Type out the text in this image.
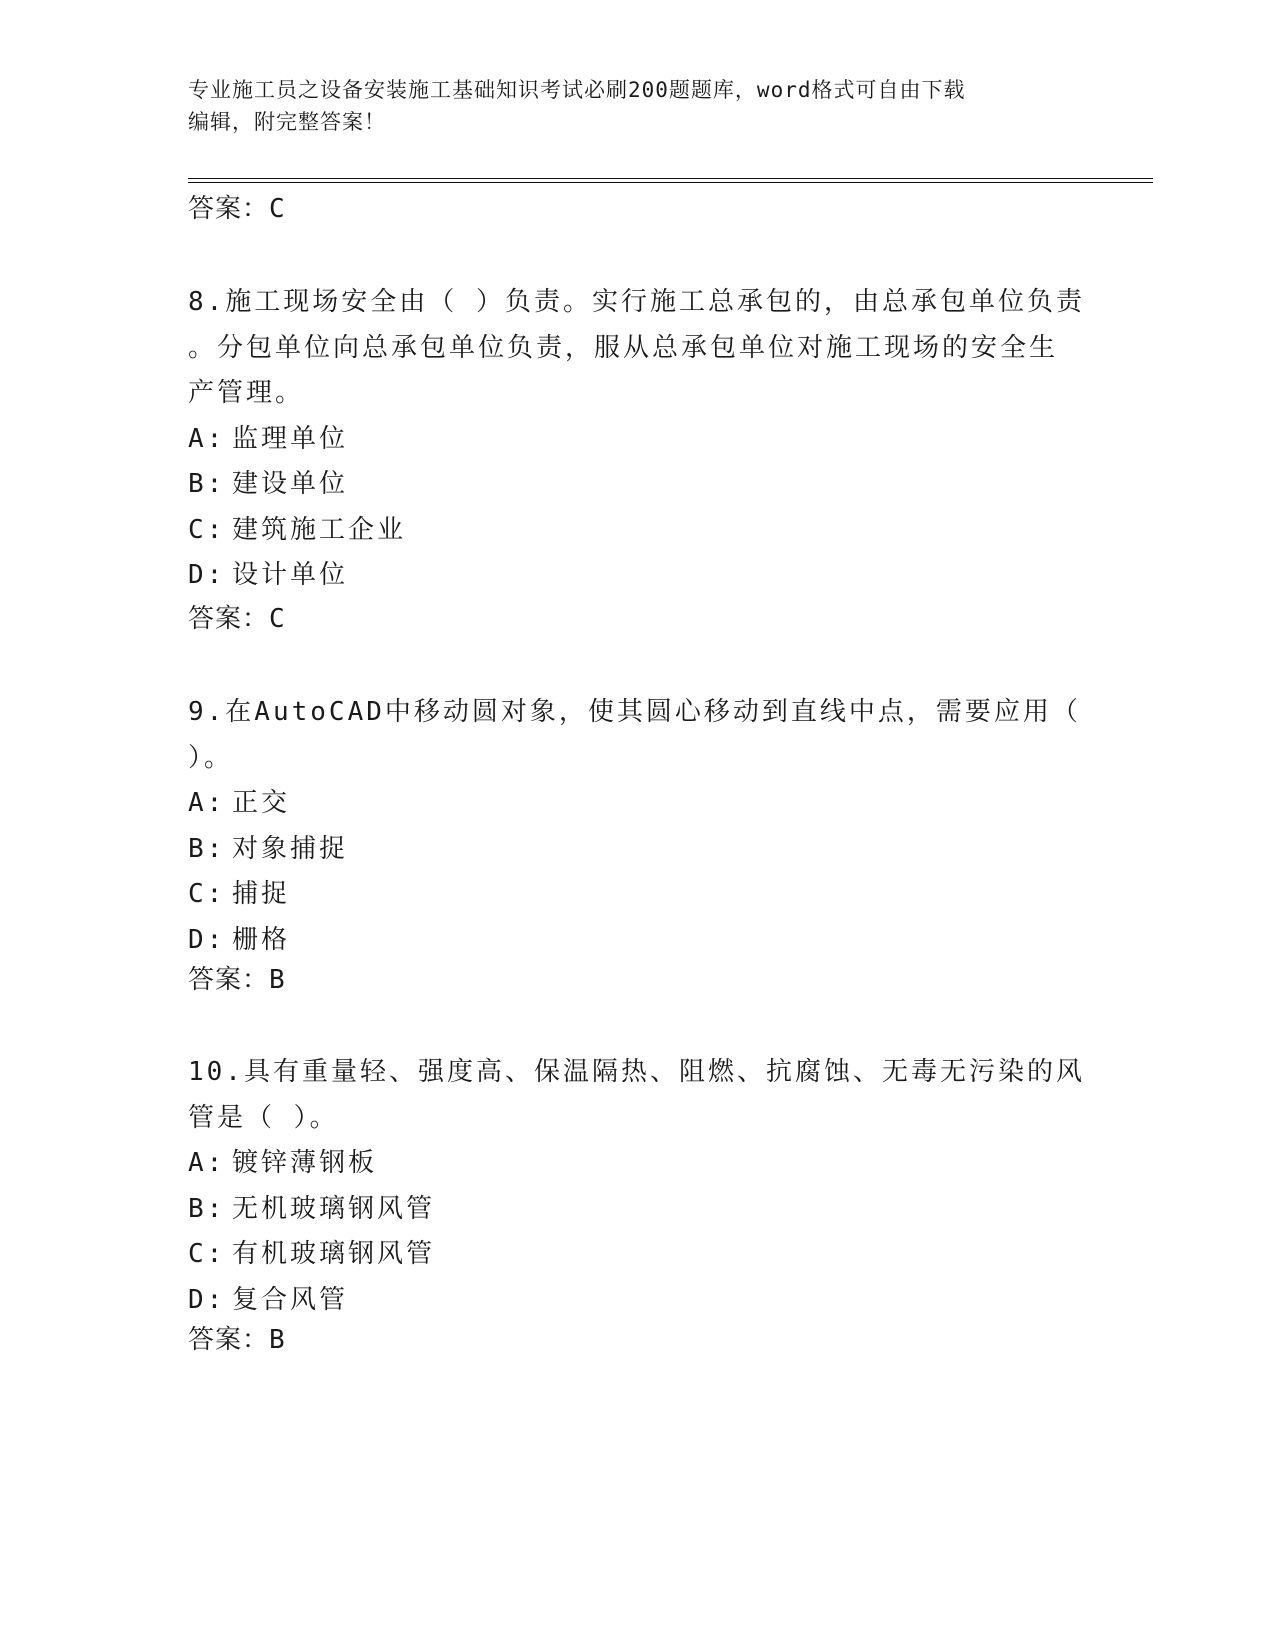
专业施工员之设备安装施工基础知识考试必刷200题题库，word格式可自由下载
编辑，附完整答案！
答案：C
8.施工现场安全由（ ）负责。实行施工总承包的，由总承包单位负责
。分包单位向总承包单位负责，服从总承包单位对施工现场的安全生
产管理。
A: 监理单位
B: 建设单位
C: 建筑施工企业
D: 设计单位
答案：C
9.在AutoCAD中移动圆对象，使其圆心移动到直线中点，需要应用（
）。
A: 正交
B: 对象捕捉
C: 捕捉
D: 栅格
答案：B
10.具有重量轻、强度高、保温隔热、阻燃、抗腐蚀、无毒无污染的风
管是（ ）。
A: 镀锌薄钢板
B: 无机玻璃钢风管
C: 有机玻璃钢风管
D: 复合风管
答案：B
